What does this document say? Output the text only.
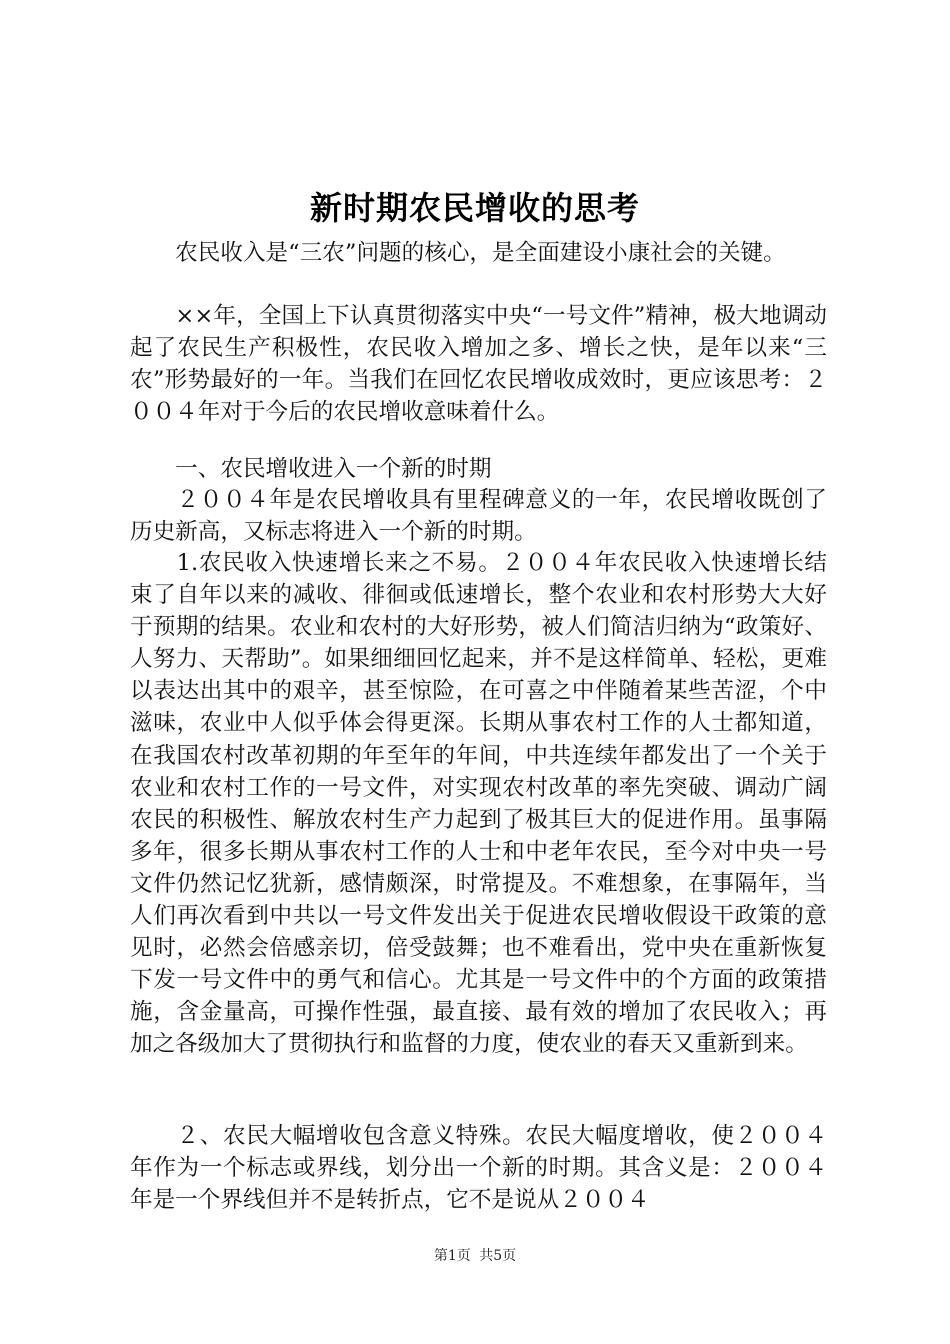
新时期农民增收的思考
　　农民收入是“三农”问题的核心，是全面建设小康社会的关键。
　　××年，全国上下认真贯彻落实中央“一号文件”精神，极大地调动起了农民生产积极性，农民收入增加之多、增长之快，是年以来“三农”形势最好的一年。当我们在回忆农民增收成效时，更应该思考：２００４年对于今后的农民增收意味着什么。
　　一、农民增收进入一个新的时期
　　２００４年是农民增收具有里程碑意义的一年，农民增收既创了历史新高，又标志将进入一个新的时期。
　　1.农民收入快速增长来之不易。２００４年农民收入快速增长结束了自年以来的减收、徘徊或低速增长，整个农业和农村形势大大好于预期的结果。农业和农村的大好形势，被人们简洁归纳为“政策好、人努力、天帮助”。如果细细回忆起来，并不是这样简单、轻松，更难以表达出其中的艰辛，甚至惊险，在可喜之中伴随着某些苦涩，个中滋味，农业中人似乎体会得更深。长期从事农村工作的人士都知道，在我国农村改革初期的年至年的年间，中共连续年都发出了一个关于农业和农村工作的一号文件，对实现农村改革的率先突破、调动广阔农民的积极性、解放农村生产力起到了极其巨大的促进作用。虽事隔多年，很多长期从事农村工作的人士和中老年农民，至今对中央一号文件仍然记忆犹新，感情颇深，时常提及。不难想象，在事隔年，当人们再次看到中共以一号文件发出关于促进农民增收假设干政策的意见时，必然会倍感亲切，倍受鼓舞；也不难看出，党中央在重新恢复下发一号文件中的勇气和信心。尤其是一号文件中的个方面的政策措施，含金量高，可操作性强，最直接、最有效的增加了农民收入；再加之各级加大了贯彻执行和监督的力度，使农业的春天又重新到来。
　　２、农民大幅增收包含意义特殊。农民大幅度增收，使２００４年作为一个标志或界线，划分出一个新的时期。其含义是：２００４年是一个界线但并不是转折点，它不是说从２００４
第1页 共5页
